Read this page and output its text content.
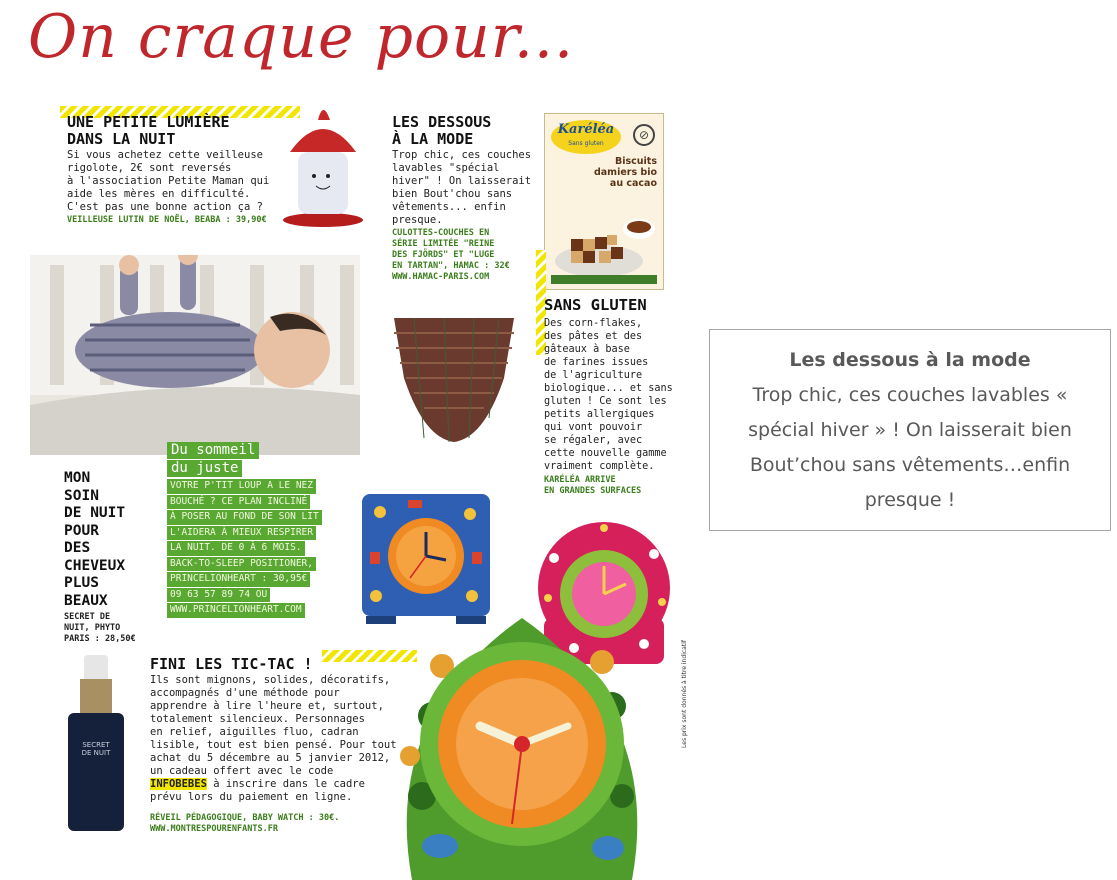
On craque pour...
UNE PETITE LUMIÈRE
DANS LA NUIT
Si vous achetez cette veilleuse
rigolote, 2€ sont reversés
à l'association Petite Maman qui
aide les mères en difficulté.
C'est pas une bonne action ça ?
VEILLEUSE LUTIN DE NOËL, BEABA : 39,90€
LES DESSOUS
À LA MODE
Trop chic, ces couches
lavables "spécial
hiver" ! On laisserait
bien Bout'chou sans
vêtements... enfin
presque.
CULOTTES-COUCHES EN
SÉRIE LIMITÉE "REINE
DES FJÖRDS" ET "LUGE
EN TARTAN", HAMAC : 32€
WWW.HAMAC-PARIS.COM
Karéléa
Sans gluten
⊘
Biscuits
damiers bio
au cacao
SANS GLUTEN
Des corn-flakes,
des pâtes et des
gâteaux à base
de farines issues
de l'agriculture
biologique... et sans
gluten ! Ce sont les
petits allergiques
qui vont pouvoir
se régaler, avec
cette nouvelle gamme
vraiment complète.
KARÉLÉA ARRIVE
EN GRANDES SURFACES
Du sommeil
du juste
VOTRE P'TIT LOUP A LE NEZ
BOUCHÉ ? CE PLAN INCLINÉ
À POSER AU FOND DE SON LIT
L'AIDERA À MIEUX RESPIRER
LA NUIT. DE 0 À 6 MOIS.
BACK-TO-SLEEP POSITIONER,
PRINCELIONHEART : 30,95€
09 63 57 89 74 OU
WWW.PRINCELIONHEART.COM
MON
SOIN
DE NUIT
POUR
DES
CHEVEUX
PLUS
BEAUX
SECRET DE
NUIT, PHYTO
PARIS : 28,50€
SECRET
DE NUIT
FINI LES TIC-TAC !
Ils sont mignons, solides, décoratifs,
accompagnés d'une méthode pour
apprendre à lire l'heure et, surtout,
totalement silencieux. Personnages
en relief, aiguilles fluo, cadran
lisible, tout est bien pensé. Pour tout
achat du 5 décembre au 5 janvier 2012,
un cadeau offert avec le code
INFOBEBES à inscrire dans le cadre
prévu lors du paiement en ligne.
RÉVEIL PÉDAGOGIQUE, BABY WATCH : 30€.
WWW.MONTRESPOURENFANTS.FR
Les prix sont donnés à titre indicatif
Les dessous à la mode
Trop chic, ces couches lavables « spécial hiver » ! On laisserait bien Bout’chou sans vêtements…enfin presque !
